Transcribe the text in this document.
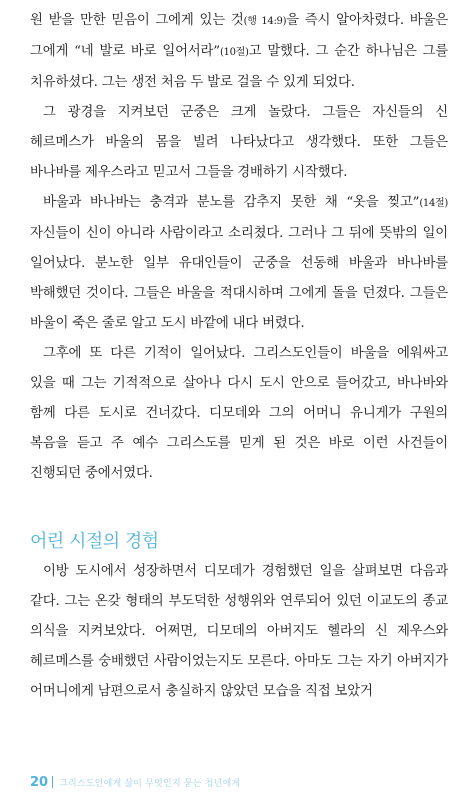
원 받을 만한 믿음이 그에게 있는 것(행 14:9)을 즉시 알아차렸다. 바울은 그에게 “네 발로 바로 일어서라”(10절)고 말했다. 그 순간 하나님은 그를 치유하셨다. 그는 생전 처음 두 발로 걸을 수 있게 되었다.

그 광경을 지켜보던 군중은 크게 놀랐다. 그들은 자신들의 신 헤르메스가 바울의 몸을 빌려 나타났다고 생각했다. 또한 그들은 바나바를 제우스라고 믿고서 그들을 경배하기 시작했다.

바울과 바나바는 충격과 분노를 감추지 못한 채 “옷을 찢고”(14절) 자신들이 신이 아니라 사람이라고 소리쳤다. 그러나 그 뒤에 뜻밖의 일이 일어났다. 분노한 일부 유대인들이 군중을 선동해 바울과 바나바를 박해했던 것이다. 그들은 바울을 적대시하며 그에게 돌을 던졌다. 그들은 바울이 죽은 줄로 알고 도시 바깥에 내다 버렸다.

그후에 또 다른 기적이 일어났다. 그리스도인들이 바울을 에워싸고 있을 때 그는 기적적으로 살아나 다시 도시 안으로 들어갔고, 바나바와 함께 다른 도시로 건너갔다. 디모데와 그의 어머니 유니게가 구원의 복음을 듣고 주 예수 그리스도를 믿게 된 것은 바로 이런 사건들이 진행되던 중에서였다.

어린 시절의 경험

이방 도시에서 성장하면서 디모데가 경험했던 일을 살펴보면 다음과 같다. 그는 온갖 형태의 부도덕한 성행위와 연루되어 있던 이교도의 종교 의식을 지켜보았다. 어쩌면, 디모데의 아버지도 헬라의 신 제우스와 헤르메스를 숭배했던 사람이었는지도 모른다. 아마도 그는 자기 아버지가 어머니에게 남편으로서 충실하지 않았던 모습을 직접 보았거

20 그리스도인에게 삶이 무엇인지 묻는 청년에게
